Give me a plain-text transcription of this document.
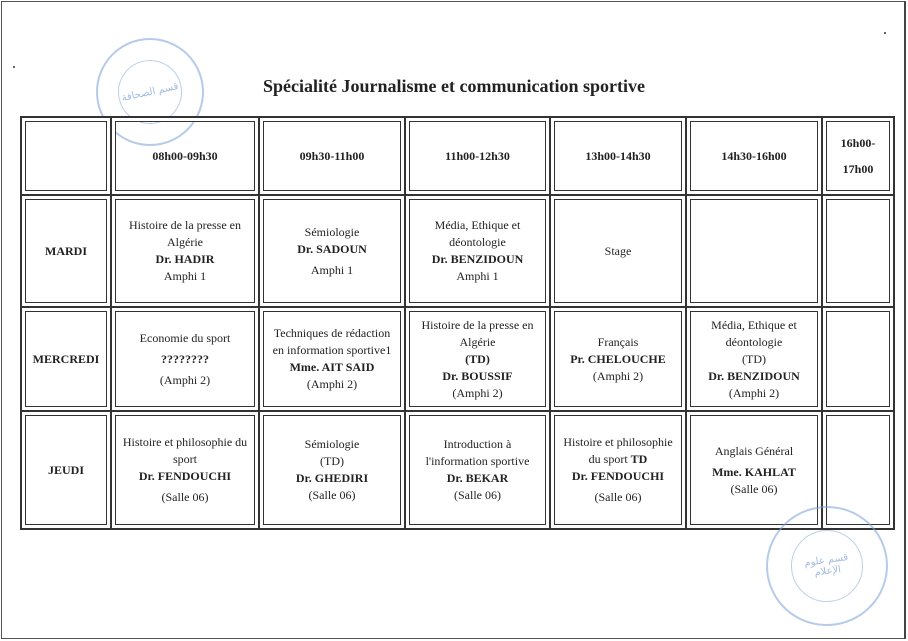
قسم الصحافة	Spécialité Journalisme et communication sportive
	08h00-09h30	09h30-11h00	11h00-12h30	13h00-14h30	14h30-16h00	16h00-17h00
MARDI	Histoire de la presse en
Algérie
Dr. HADIR
Amphi 1	Sémiologie
Dr. SADOUN
Amphi 1	Média, Ethique et
déontologie
Dr. BENZIDOUN
Amphi 1	Stage		

MERCREDI	Economie du sport
????????
(Amphi 2)	Techniques de rédaction
en information sportive1
Mme. AIT SAID
(Amphi 2)	Histoire de la presse en
Algérie
(TD)
Dr. BOUSSIF
(Amphi 2)	Français
Pr. CHELOUCHE
(Amphi 2)	Média, Ethique et
déontologie
(TD)
Dr. BENZIDOUN
(Amphi 2)	

JEUDI	Histoire et philosophie du
sport
Dr. FENDOUCHI
(Salle 06)	Sémiologie
(TD)
Dr. GHEDIRI
(Salle 06)	Introduction à
l'information sportive
Dr. BEKAR
(Salle 06)	Histoire et philosophie
du sport TD
Dr. FENDOUCHI
(Salle 06)	Anglais Général
Mme. KAHLAT
(Salle 06)	

قسم علوم الإعلام
